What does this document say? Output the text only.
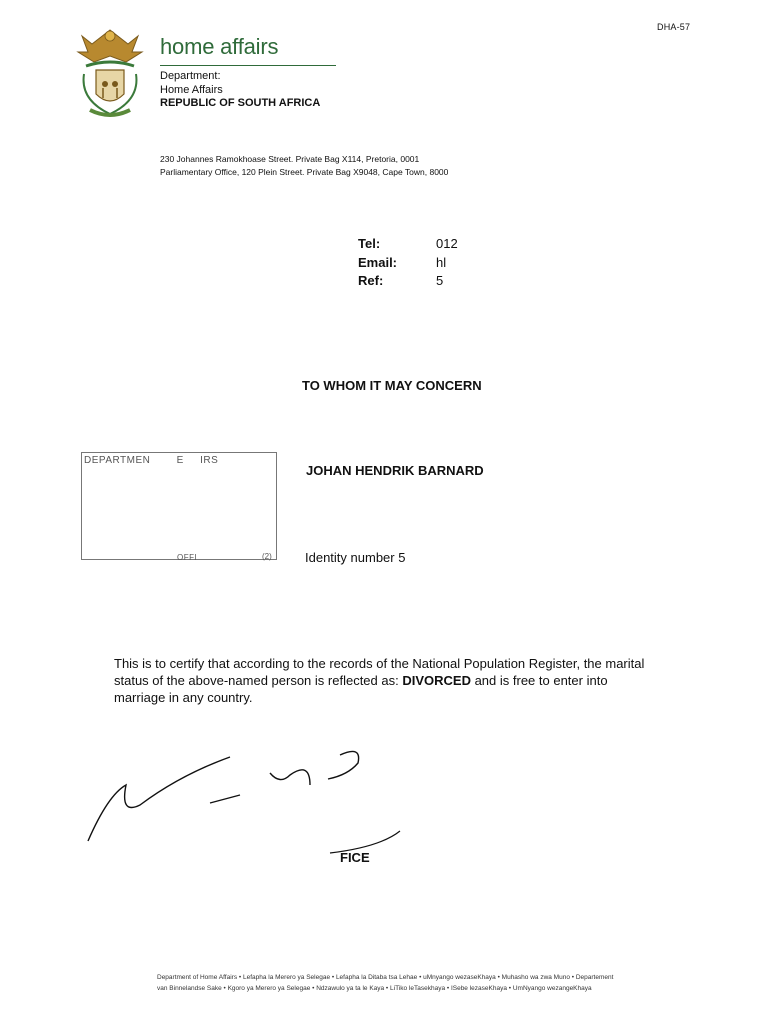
DHA-57
home affairs
Department:
Home Affairs
REPUBLIC OF SOUTH AFRICA
230 Johannes Ramokhoase Street. Private Bag X114, Pretoria, 0001
Parliamentary Office, 120 Plein Street. Private Bag X9048, Cape Town, 8000
Tel:	012
Email:	hl
Ref:	5
TO WHOM IT MAY CONCERN
DEPARTMEN        E     IRS
OFFI	(2)
JOHAN HENDRIK BARNARD
Identity number 5
This is to certify that according to the records of the National Population Register, the marital status of the above-named person is reflected as: DIVORCED and is free to enter into marriage in any country.
FICE
Department of Home Affairs • Lefapha la Merero ya Selegae • Lefapha la Ditaba tsa Lehae • uMnyango wezaseKhaya • Muhasho wa zwa Muno • Departement
van Binnelandse Sake • Kgoro ya Merero ya Selegae • Ndzawulo ya ta le Kaya • LiTiko leTasekhaya • ISebe lezaseKhaya • UmNyango wezangeKhaya
